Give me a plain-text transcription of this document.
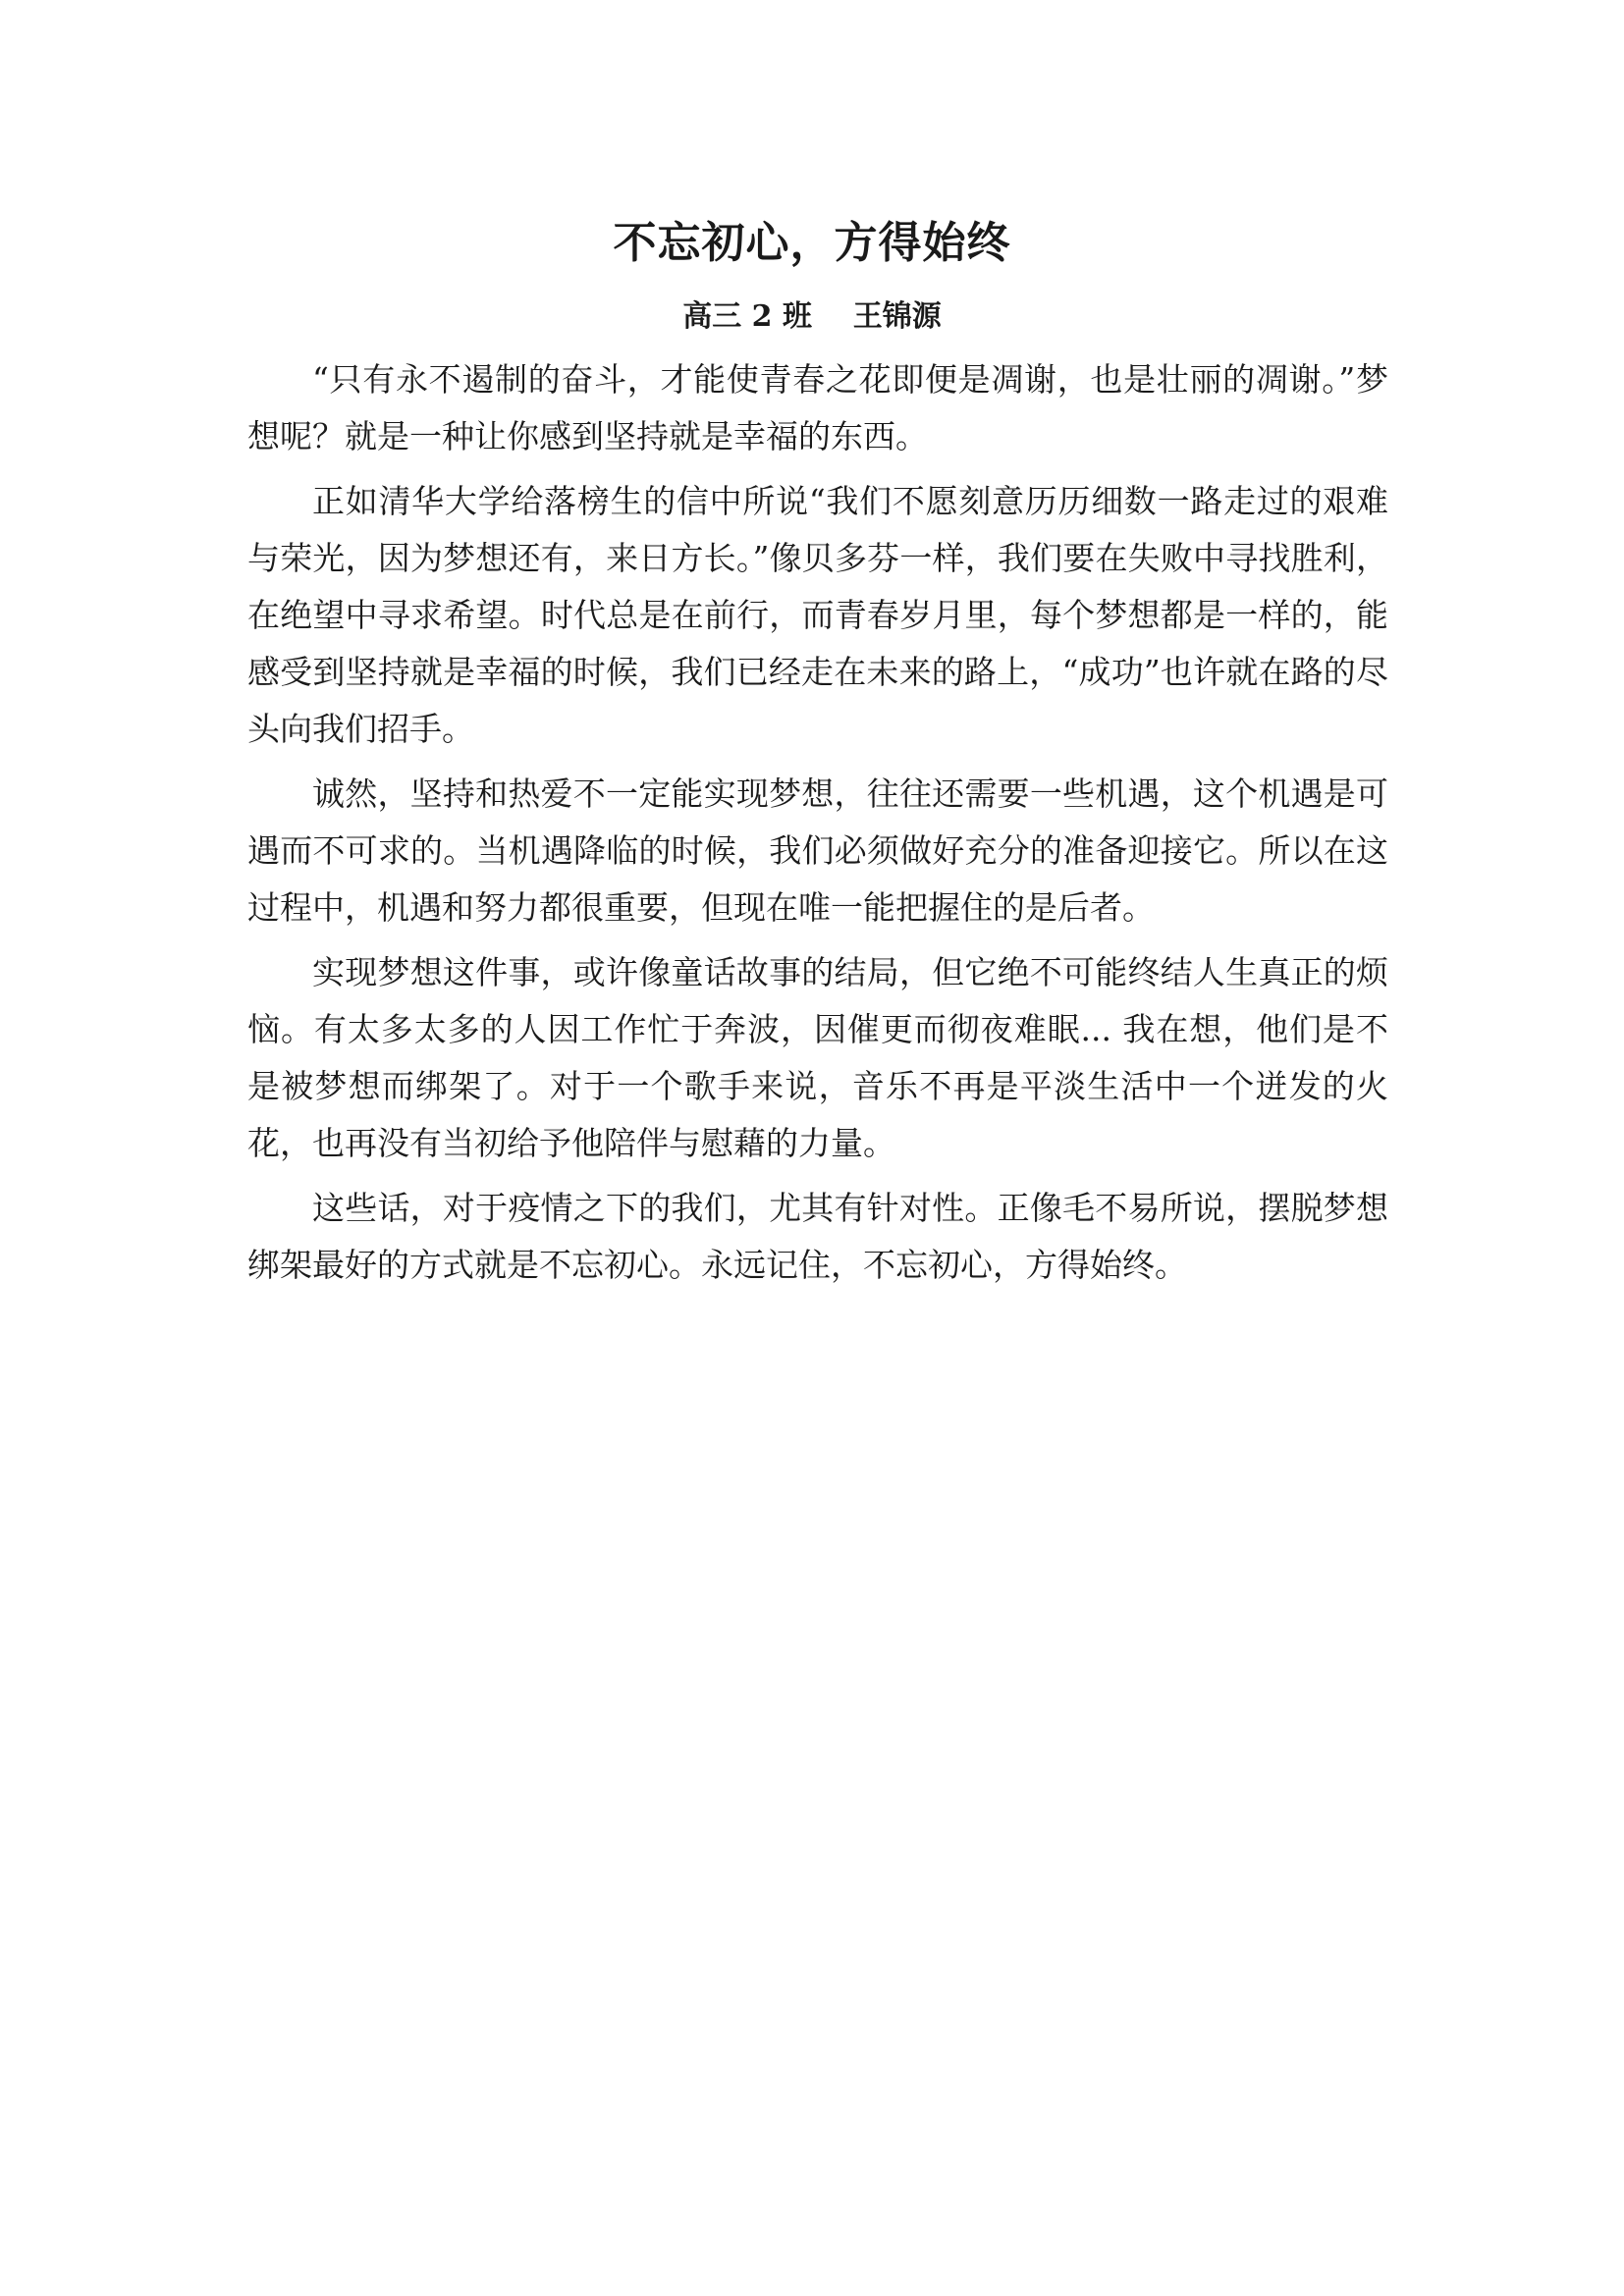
不忘初心，方得始终
高三 2 班    王锦源

“只有永不遏制的奋斗，才能使青春之花即便是凋谢，也是壮丽的凋谢。”梦想呢？就是一种让你感到坚持就是幸福的东西。

正如清华大学给落榜生的信中所说“我们不愿刻意历历细数一路走过的艰难与荣光，因为梦想还有，来日方长。”像贝多芬一样，我们要在失败中寻找胜利，在绝望中寻求希望。时代总是在前行，而青春岁月里，每个梦想都是一样的，能感受到坚持就是幸福的时候，我们已经走在未来的路上，“成功”也许就在路的尽头向我们招手。

诚然，坚持和热爱不一定能实现梦想，往往还需要一些机遇，这个机遇是可遇而不可求的。当机遇降临的时候，我们必须做好充分的准备迎接它。所以在这过程中，机遇和努力都很重要，但现在唯一能把握住的是后者。

实现梦想这件事，或许像童话故事的结局，但它绝不可能终结人生真正的烦恼。有太多太多的人因工作忙于奔波，因催更而彻夜难眠... 我在想，他们是不是被梦想而绑架了。对于一个歌手来说，音乐不再是平淡生活中一个迸发的火花，也再没有当初给予他陪伴与慰藉的力量。

这些话，对于疫情之下的我们，尤其有针对性。正像毛不易所说，摆脱梦想绑架最好的方式就是不忘初心。永远记住，不忘初心，方得始终。
